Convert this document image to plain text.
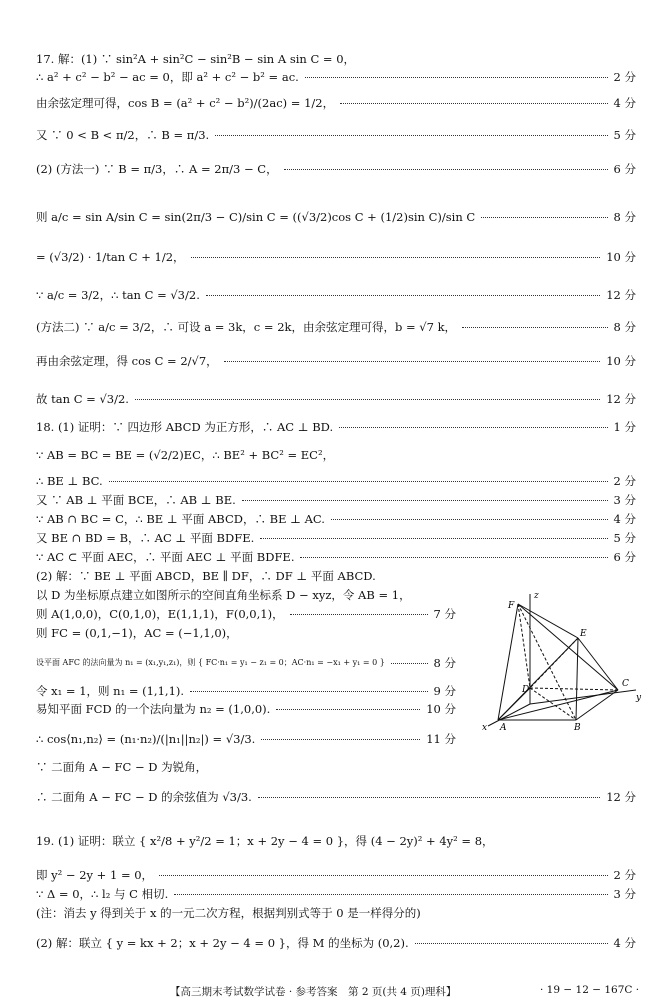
17. 解：(1) ∵ sin²A + sin²C − sin²B − sin A sin C = 0，
∴ a² + c² − b² − ac = 0，即 a² + c² − b² = ac.	2 分
由余弦定理可得，cos B = (a² + c² − b²)/(2ac) = 1/2，	4 分
又 ∵ 0 < B < π/2，∴ B = π/3.	5 分
(2) (方法一) ∵ B = π/3，∴ A = 2π/3 − C，	6 分
则 a/c = sin A/sin C = sin(2π/3 − C)/sin C = ((√3/2)cos C + (1/2)sin C)/sin C	8 分
= (√3/2) · 1/tan C + 1/2，	10 分
∵ a/c = 3/2，∴ tan C = √3/2.	12 分
(方法二) ∵ a/c = 3/2，∴ 可设 a = 3k，c = 2k，由余弦定理可得，b = √7 k，	8 分
再由余弦定理，得 cos C = 2/√7，	10 分
故 tan C = √3/2.	12 分
18. (1) 证明：∵ 四边形 ABCD 为正方形，∴ AC ⊥ BD.	1 分
∵ AB = BC = BE = (√2/2)EC，∴ BE² + BC² = EC²，
∴ BE ⊥ BC.	2 分
又 ∵ AB ⊥ 平面 BCE，∴ AB ⊥ BE.	3 分
∵ AB ∩ BC = C，∴ BE ⊥ 平面 ABCD，∴ BE ⊥ AC.	4 分
又 BE ∩ BD = B，∴ AC ⊥ 平面 BDFE.	5 分
∵ AC ⊂ 平面 AEC，∴ 平面 AEC ⊥ 平面 BDFE.	6 分
(2) 解：∵ BE ⊥ 平面 ABCD，BE ∥ DF，∴ DF ⊥ 平面 ABCD.
以 D 为坐标原点建立如图所示的空间直角坐标系 D − xyz，令 AB = 1，
则 A(1,0,0)，C(0,1,0)，E(1,1,1)，F(0,0,1)，	7 分
则 FC = (0,1,−1)，AC = (−1,1,0)，
设平面 AFC 的法向量为 n₁ = (x₁,y₁,z₁)，则 { FC·n₁ = y₁ − z₁ = 0；AC·n₁ = −x₁ + y₁ = 0 }	8 分
令 x₁ = 1，则 n₁ = (1,1,1).	9 分
易知平面 FCD 的一个法向量为 n₂ = (1,0,0).	10 分
∴ cos⟨n₁,n₂⟩ = (n₁·n₂)/(|n₁||n₂|) = √3/3.	11 分
∵ 二面角 A − FC − D 为锐角，
∴ 二面角 A − FC − D 的余弦值为 √3/3.	12 分
19. (1) 证明：联立 { x²/8 + y²/2 = 1；x + 2y − 4 = 0 }，得 (4 − 2y)² + 4y² = 8，
即 y² − 2y + 1 = 0，	2 分
∵ Δ = 0，∴ l₂ 与 C 相切.	3 分
(注：消去 y 得到关于 x 的一元二次方程，根据判别式等于 0 是一样得分的)
(2) 解：联立 { y = kx + 2；x + 2y − 4 = 0 }，得 M 的坐标为 (0,2).	4 分
z
F
E
D
C
y
x A	B
【高三期末考试数学试卷 · 参考答案　第 2 页(共 4 页)理科】	· 19 − 12 − 167C ·
